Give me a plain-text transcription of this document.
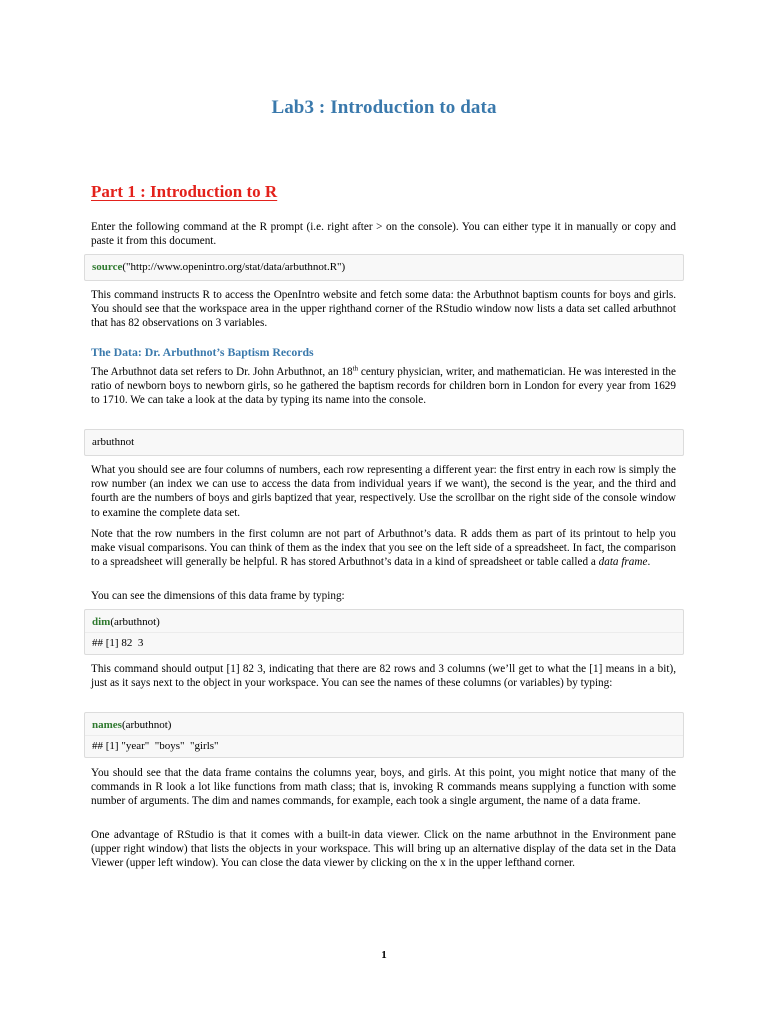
Lab3 : Introduction to data
Part 1 : Introduction to R
Enter the following command at the R prompt (i.e. right after > on the console). You can either type it in manually or copy and paste it from this document.
source("http://www.openintro.org/stat/data/arbuthnot.R")
This command instructs R to access the OpenIntro website and fetch some data: the Arbuthnot baptism counts for boys and girls. You should see that the workspace area in the upper righthand corner of the RStudio window now lists a data set called arbuthnot that has 82 observations on 3 variables.
The Data: Dr. Arbuthnot’s Baptism Records
The Arbuthnot data set refers to Dr. John Arbuthnot, an 18th century physician, writer, and mathematician. He was interested in the ratio of newborn boys to newborn girls, so he gathered the baptism records for children born in London for every year from 1629 to 1710. We can take a look at the data by typing its name into the console.
arbuthnot
What you should see are four columns of numbers, each row representing a different year: the first entry in each row is simply the row number (an index we can use to access the data from individual years if we want), the second is the year, and the third and fourth are the numbers of boys and girls baptized that year, respectively. Use the scrollbar on the right side of the console window to examine the complete data set.
Note that the row numbers in the first column are not part of Arbuthnot’s data. R adds them as part of its printout to help you make visual comparisons. You can think of them as the index that you see on the left side of a spreadsheet. In fact, the comparison to a spreadsheet will generally be helpful. R has stored Arbuthnot’s data in a kind of spreadsheet or table called a data frame.
You can see the dimensions of this data frame by typing:
dim(arbuthnot)
## [1] 82  3
This command should output [1] 82 3, indicating that there are 82 rows and 3 columns (we’ll get to what the [1] means in a bit), just as it says next to the object in your workspace. You can see the names of these columns (or variables) by typing:
names(arbuthnot)
## [1] "year"  "boys"  "girls"
You should see that the data frame contains the columns year, boys, and girls. At this point, you might notice that many of the commands in R look a lot like functions from math class; that is, invoking R commands means supplying a function with some number of arguments. The dim and names commands, for example, each took a single argument, the name of a data frame.
One advantage of RStudio is that it comes with a built-in data viewer. Click on the name arbuthnot in the Environment pane (upper right window) that lists the objects in your workspace. This will bring up an alternative display of the data set in the Data Viewer (upper left window). You can close the data viewer by clicking on the x in the upper lefthand corner.
1
